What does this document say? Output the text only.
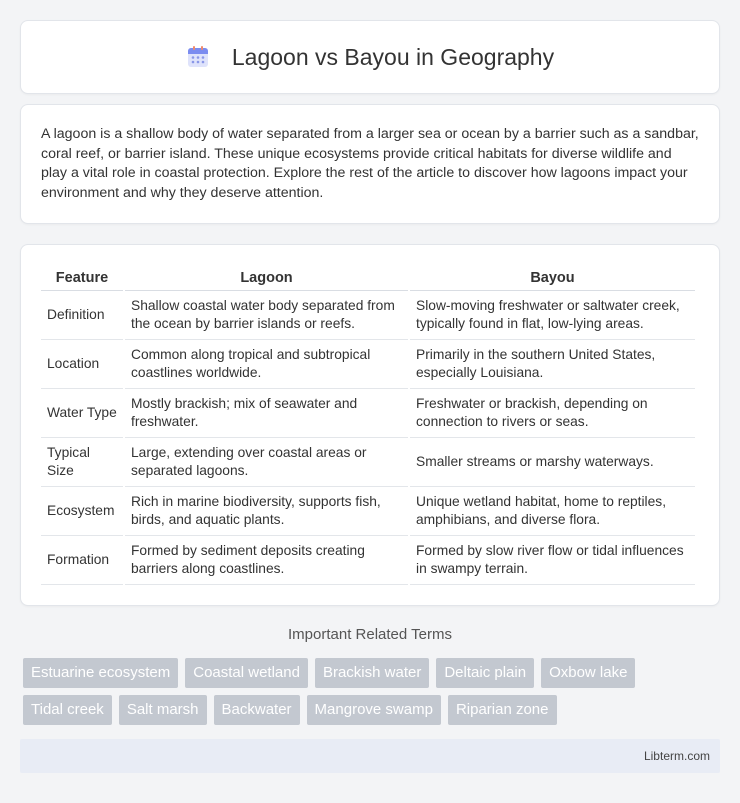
Lagoon vs Bayou in Geography

A lagoon is a shallow body of water separated from a larger sea or ocean by a barrier such as a sandbar, coral reef, or barrier island. These unique ecosystems provide critical habitats for diverse wildlife and play a vital role in coastal protection. Explore the rest of the article to discover how lagoons impact your environment and why they deserve attention.

Feature	Lagoon	Bayou
Definition	Shallow coastal water body separated from the ocean by barrier islands or reefs.	Slow-moving freshwater or saltwater creek, typically found in flat, low-lying areas.
Location	Common along tropical and subtropical coastlines worldwide.	Primarily in the southern United States, especially Louisiana.
Water Type	Mostly brackish; mix of seawater and freshwater.	Freshwater or brackish, depending on connection to rivers or seas.
Typical Size	Large, extending over coastal areas or separated lagoons.	Smaller streams or marshy waterways.
Ecosystem	Rich in marine biodiversity, supports fish, birds, and aquatic plants.	Unique wetland habitat, home to reptiles, amphibians, and diverse flora.
Formation	Formed by sediment deposits creating barriers along coastlines.	Formed by slow river flow or tidal influences in swampy terrain.
Important Related Terms
Estuarine ecosystem	Coastal wetland	Brackish water	Deltaic plain	Oxbow lake
Tidal creek	Salt marsh	Backwater	Mangrove swamp	Riparian zone
Libterm.com
